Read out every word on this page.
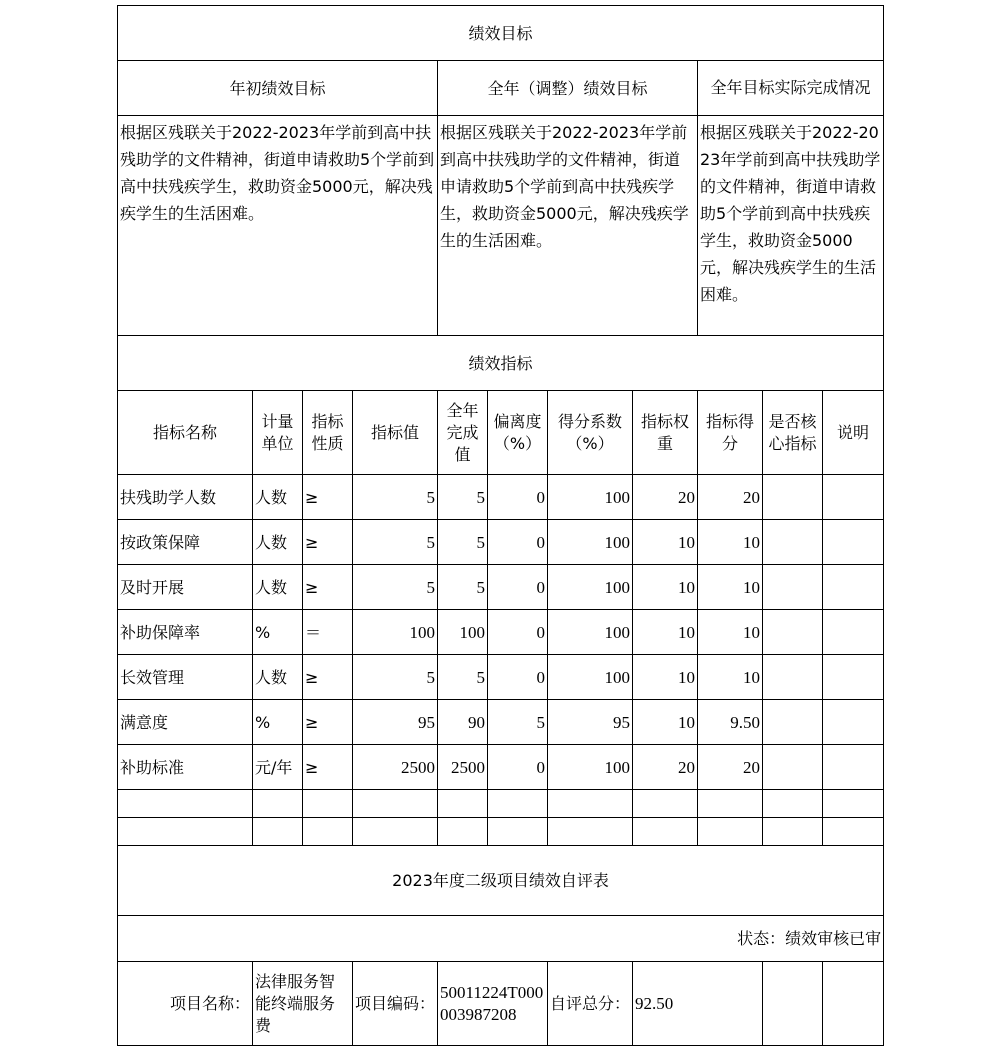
绩效目标										
年初绩效目标				全年（调整）绩效目标				全年目标实际完成情况		
根据区残联关于2022-2023年学前到高中扶残助学的文件精神，街道申请救助5个学前到高中扶残疾学生，救助资金5000元，解决残疾学生的生活困难。				根据区残联关于2022-2023年学前到高中扶残助学的文件精神，街道申请救助5个学前到高中扶残疾学生，救助资金5000元，解决残疾学生的生活困难。				根据区残联关于2022-2023年学前到高中扶残助学的文件精神，街道申请救助5个学前到高中扶残疾学生，救助资金5000元，解决残疾学生的生活困难。		
绩效指标										
指标名称	计量单位	指标性质	指标值	全年完成值	偏离度（%）	得分系数（%）	指标权重	指标得分	是否核心指标	说明
扶残助学人数	人数	≥	5	5	0	100	20	20		
按政策保障	人数	≥	5	5	0	100	10	10		
及时开展	人数	≥	5	5	0	100	10	10		
补助保障率	%	＝	100	100	0	100	10	10		
长效管理	人数	≥	5	5	0	100	10	10		
满意度	%	≥	95	90	5	95	10	9.50		
补助标准	元/年	≥	2500	2500	0	100	20	20		

2023年度二级项目绩效自评表										
状态：绩效审核已审										
项目名称：	法律服务智能终端服务费		项目编码：	50011224T000003987208		自评总分：	92.50			
